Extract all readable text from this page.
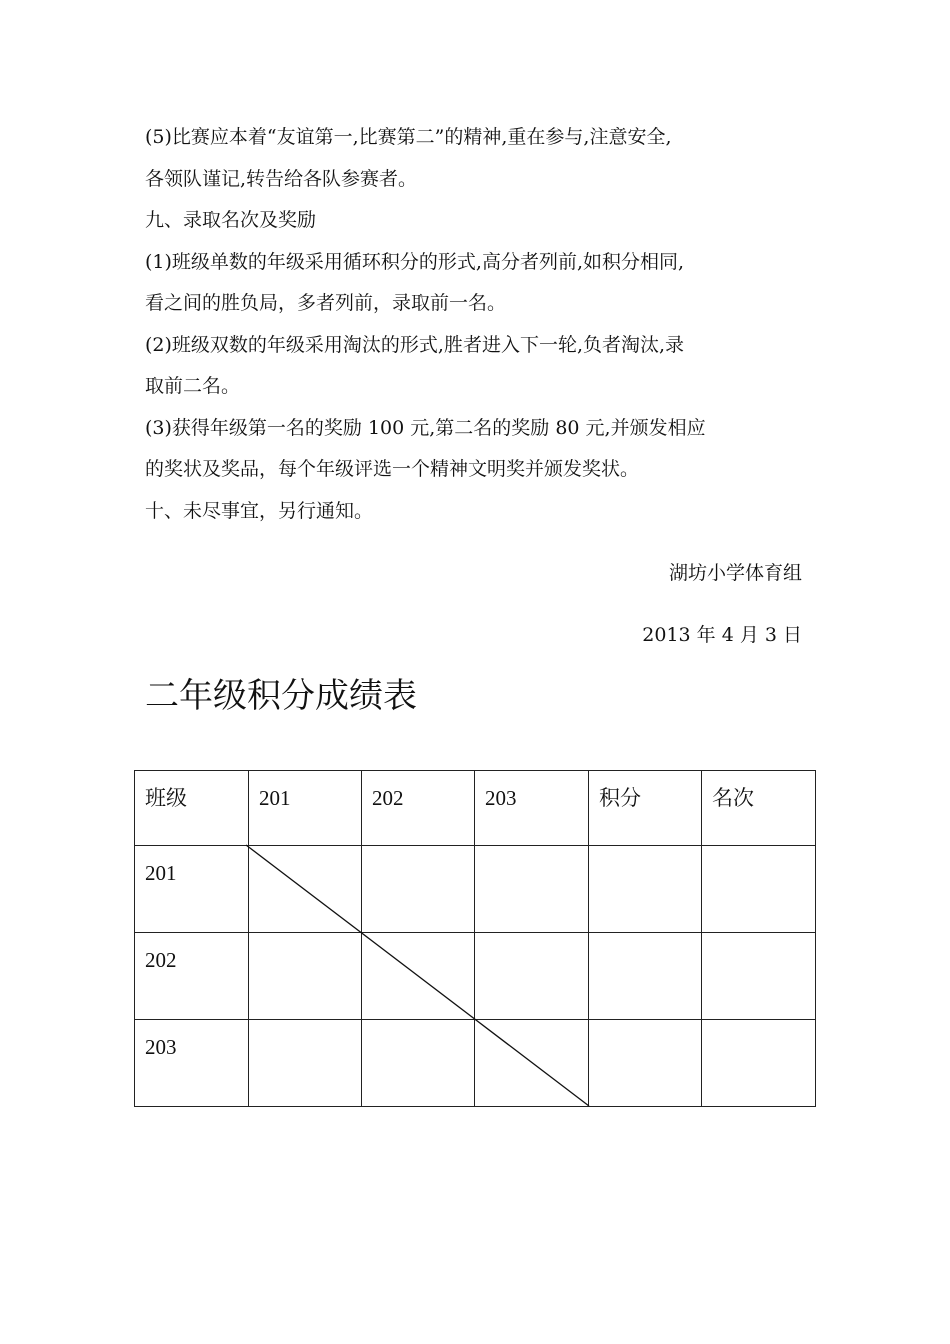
(5)比赛应本着“友谊第一,比赛第二”的精神,重在参与,注意安全,
各领队谨记,转告给各队参赛者。
九、录取名次及奖励
(1)班级单数的年级采用循环积分的形式,高分者列前,如积分相同,
看之间的胜负局，多者列前，录取前一名。
(2)班级双数的年级采用淘汰的形式,胜者进入下一轮,负者淘汰,录
取前二名。
(3)获得年级第一名的奖励 100 元,第二名的奖励 80 元,并颁发相应
的奖状及奖品，每个年级评选一个精神文明奖并颁发奖状。
十、未尽事宜，另行通知。
湖坊小学体育组
2013 年 4 月 3 日
二年级积分成绩表
班级	201	202	203	积分	名次
201					
202					
203					
